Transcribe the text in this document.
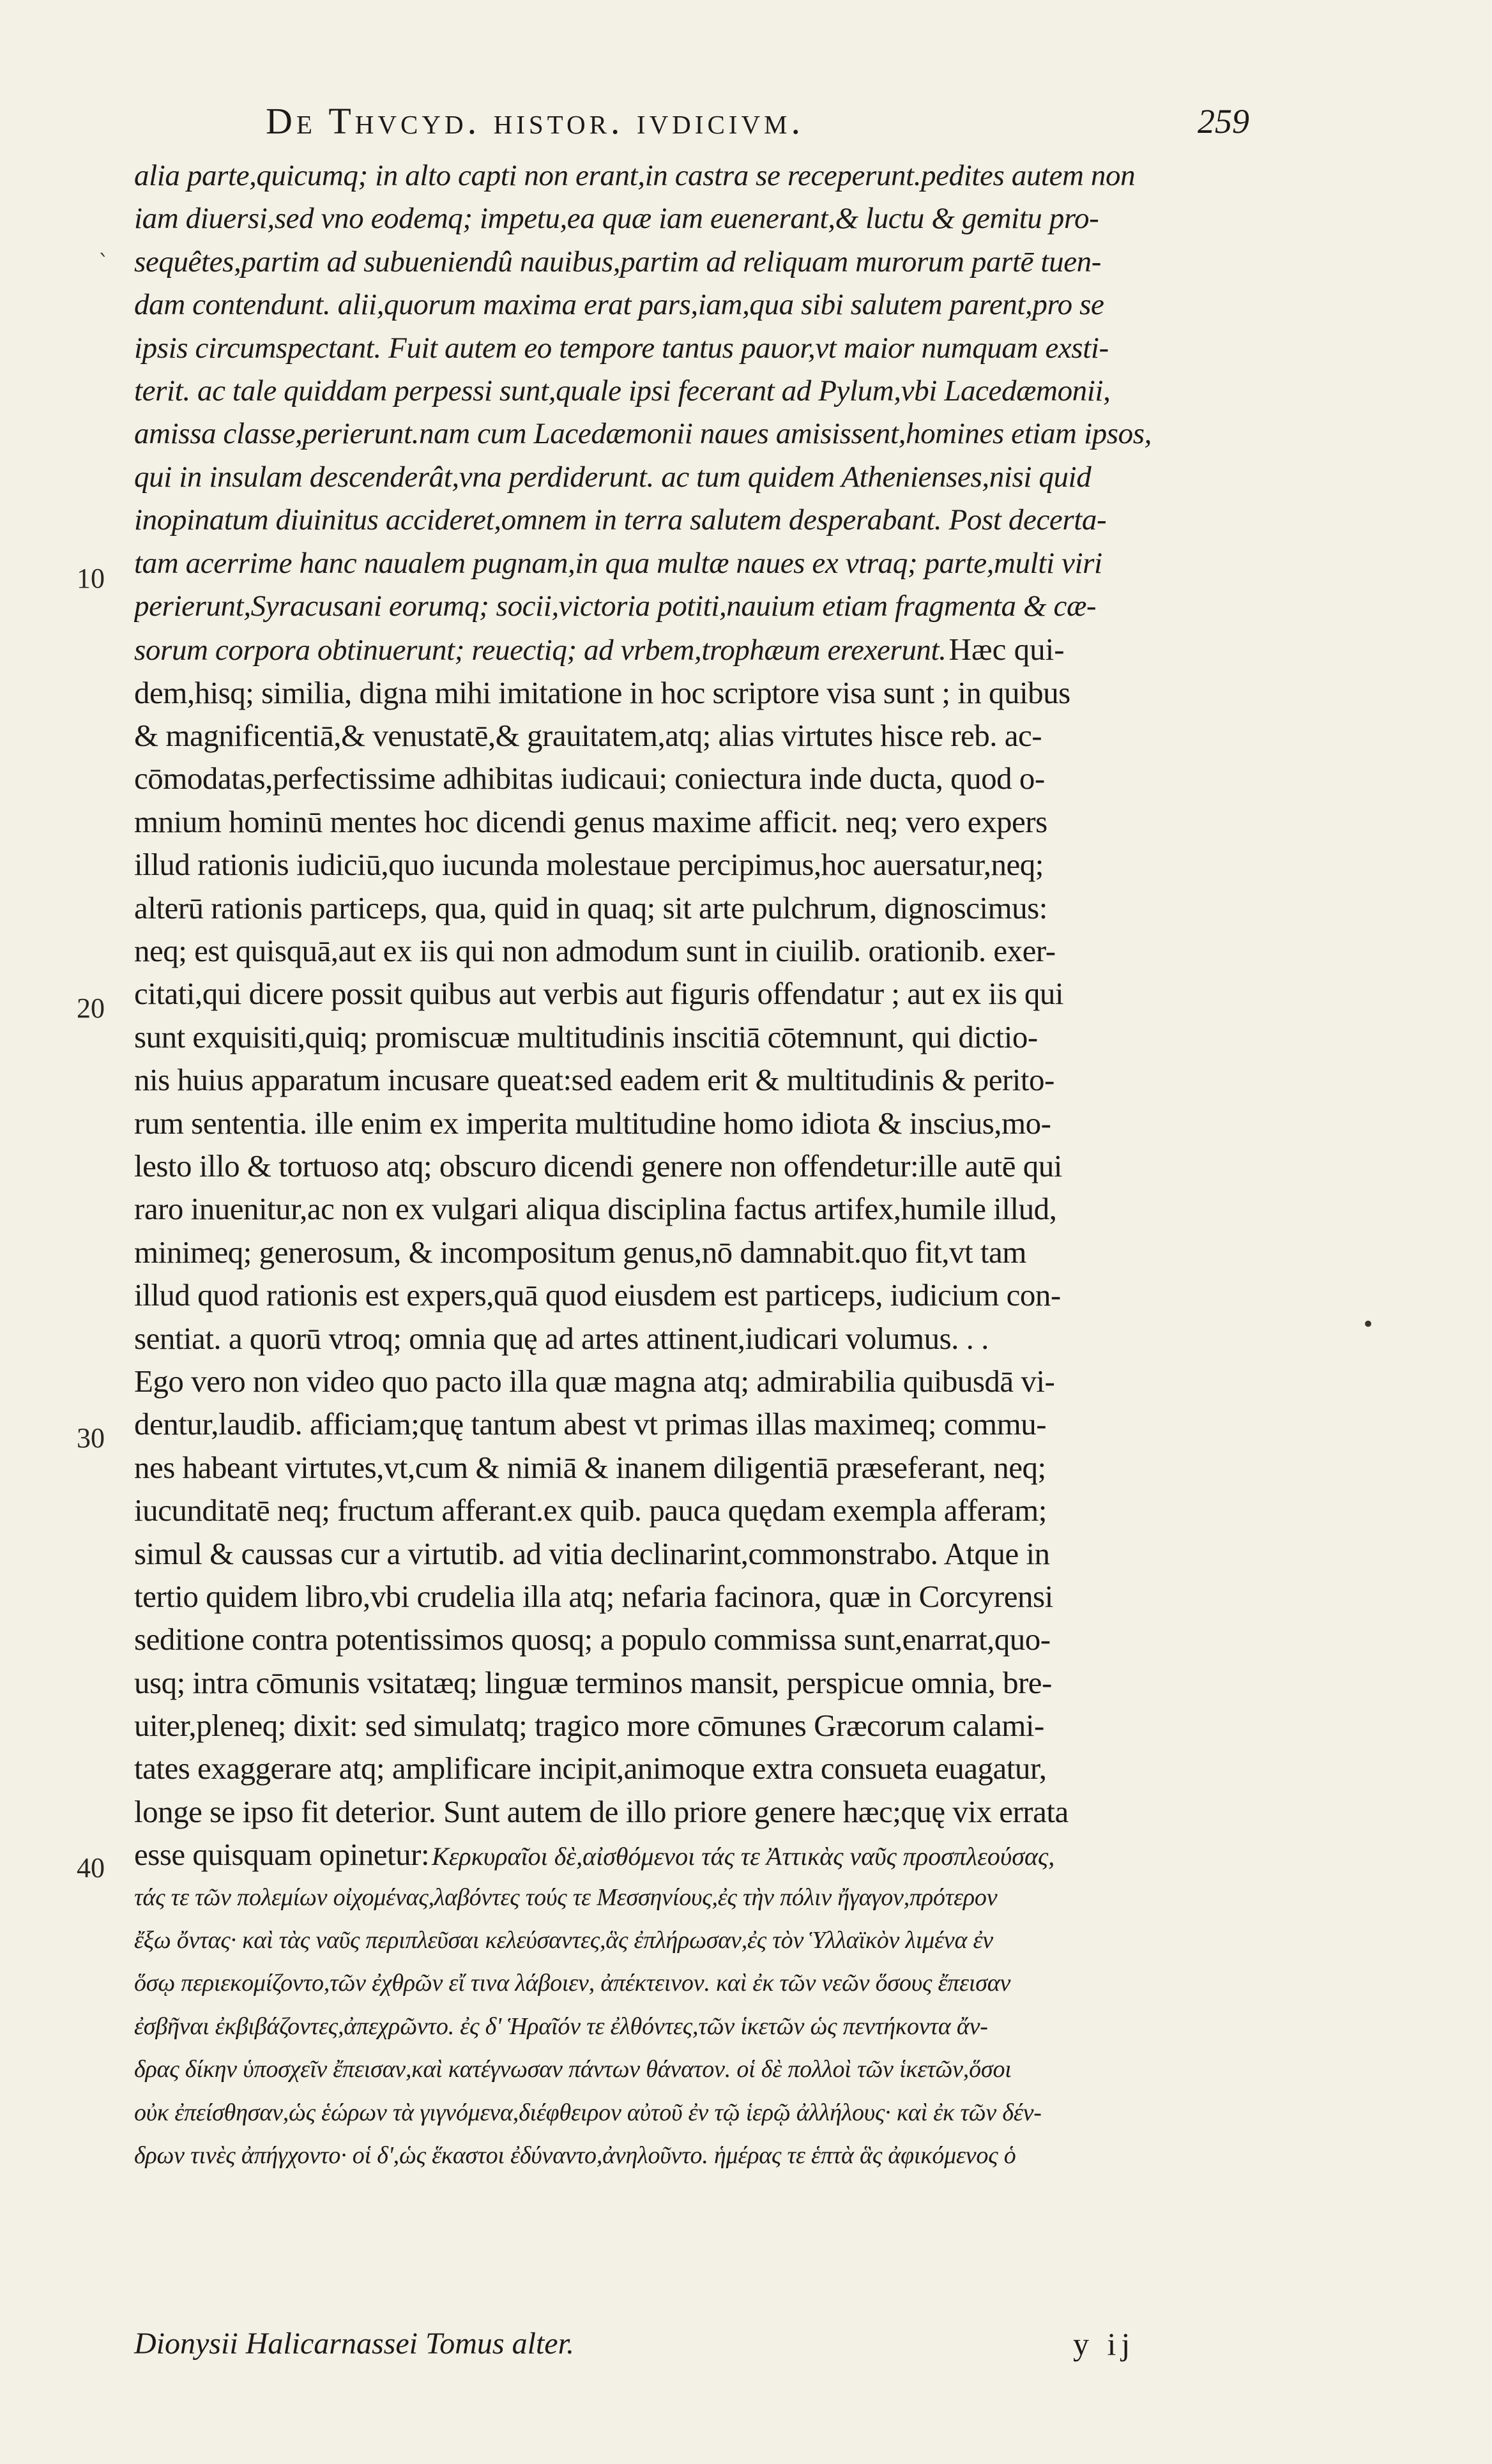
De Thvcyd. histor. ivdicivm.	259
alia parte,quicumq; in alto capti non erant,in castra se receperunt.pedites autem non
iam diuersi,sed vno eodemq; impetu,ea quæ iam euenerant,& luctu & gemitu pro-
sequêtes,partim ad subueniendû nauibus,partim ad reliquam murorum partē tuen-
dam contendunt. alii,quorum maxima erat pars,iam,qua sibi salutem parent,pro se
ipsis circumspectant. Fuit autem eo tempore tantus pauor,vt maior numquam exsti-
terit. ac tale quiddam perpessi sunt,quale ipsi fecerant ad Pylum,vbi Lacedæmonii,
amissa classe,perierunt.nam cum Lacedæmonii naues amisissent,homines etiam ipsos,
qui in insulam descenderât,vna perdiderunt. ac tum quidem Athenienses,nisi quid
inopinatum diuinitus accideret,omnem in terra salutem desperabant. Post decerta-
tam acerrime hanc naualem pugnam,in qua multæ naues ex vtraq; parte,multi viri
perierunt,Syracusani eorumq; socii,victoria potiti,nauium etiam fragmenta & cæ-
sorum corpora obtinuerunt; reuectiq; ad vrbem,trophæum erexerunt. Hæc qui-
dem,hisq; similia, digna mihi imitatione in hoc scriptore visa sunt ; in quibus
& magnificentiā,& venustatē,& grauitatem,atq; alias virtutes hisce reb. ac-
cōmodatas,perfectissime adhibitas iudicaui; coniectura inde ducta, quod o-
mnium hominū mentes hoc dicendi genus maxime afficit. neq; vero expers
illud rationis iudiciū,quo iucunda molestaue percipimus,hoc auersatur,neq;
alterū rationis particeps, qua, quid in quaq; sit arte pulchrum, dignoscimus:
neq; est quisquā,aut ex iis qui non admodum sunt in ciuilib. orationib. exer-
citati,qui dicere possit quibus aut verbis aut figuris offendatur ; aut ex iis qui
sunt exquisiti,quiq; promiscuæ multitudinis inscitiā cōtemnunt, qui dictio-
nis huius apparatum incusare queat:sed eadem erit & multitudinis & perito-
rum sententia. ille enim ex imperita multitudine homo idiota & inscius,mo-
lesto illo & tortuoso atq; obscuro dicendi genere non offendetur:ille autē qui
raro inuenitur,ac non ex vulgari aliqua disciplina factus artifex,humile illud,
minimeq; generosum, & incompositum genus,nō damnabit.quo fit,vt tam
illud quod rationis est expers,quā quod eiusdem est particeps, iudicium con-
sentiat. a quorū vtroq; omnia quę ad artes attinent,iudicari volumus. . .
Ego vero non video quo pacto illa quæ magna atq; admirabilia quibusdā vi-
dentur,laudib. afficiam;quę tantum abest vt primas illas maximeq; commu-
nes habeant virtutes,vt,cum & nimiā & inanem diligentiā præseferant, neq;
iucunditatē neq; fructum afferant.ex quib. pauca quędam exempla afferam;
simul & caussas cur a virtutib. ad vitia declinarint,commonstrabo. Atque in
tertio quidem libro,vbi crudelia illa atq; nefaria facinora, quæ in Corcyrensi
seditione contra potentissimos quosq; a populo commissa sunt,enarrat,quo-
usq; intra cōmunis vsitatæq; linguæ terminos mansit, perspicue omnia, bre-
uiter,pleneq; dixit: sed simulatq; tragico more cōmunes Græcorum calami-
tates exaggerare atq; amplificare incipit,animoque extra consueta euagatur,
longe se ipso fit deterior. Sunt autem de illo priore genere hæc;quę vix errata
esse quisquam opinetur: Κερκυραῖοι δὲ,αἰσθόμενοι τάς τε Ἀττικὰς ναῦς προσπλεούσας,
τάς τε τῶν πολεμίων οἰχομένας,λαβόντες τούς τε Μεσσηνίους,ἐς τὴν πόλιν ἤγαγον,πρότερον
ἔξω ὄντας· καὶ τὰς ναῦς περιπλεῦσαι κελεύσαντες,ἃς ἐπλήρωσαν,ἐς τὸν Ὑλλαϊκὸν λιμένα ἐν
ὅσῳ περιεκομίζοντο,τῶν ἐχθρῶν εἴ τινα λάβοιεν, ἀπέκτεινον. καὶ ἐκ τῶν νεῶν ὅσους ἔπεισαν
ἐσβῆναι ἐκβιβάζοντες,ἀπεχρῶντο. ἐς δ' Ἡραῖόν τε ἐλθόντες,τῶν ἱκετῶν ὡς πεντήκοντα ἄν-
δρας δίκην ὑποσχεῖν ἔπεισαν,καὶ κατέγνωσαν πάντων θάνατον. οἱ δὲ πολλοὶ τῶν ἱκετῶν,ὅσοι
οὐκ ἐπείσθησαν,ὡς ἑώρων τὰ γιγνόμενα,διέφθειρον αὐτοῦ ἐν τῷ ἱερῷ ἀλλήλους· καὶ ἐκ τῶν δέν-
δρων τινὲς ἀπήγχοντο· οἱ δ',ὡς ἕκαστοι ἐδύναντο,ἀνηλοῦντο. ἡμέρας τε ἑπτὰ ἃς ἀφικόμενος ὁ
10
20
30
40
`
•
Dionysii Halicarnassei Tomus alter.	y ij
